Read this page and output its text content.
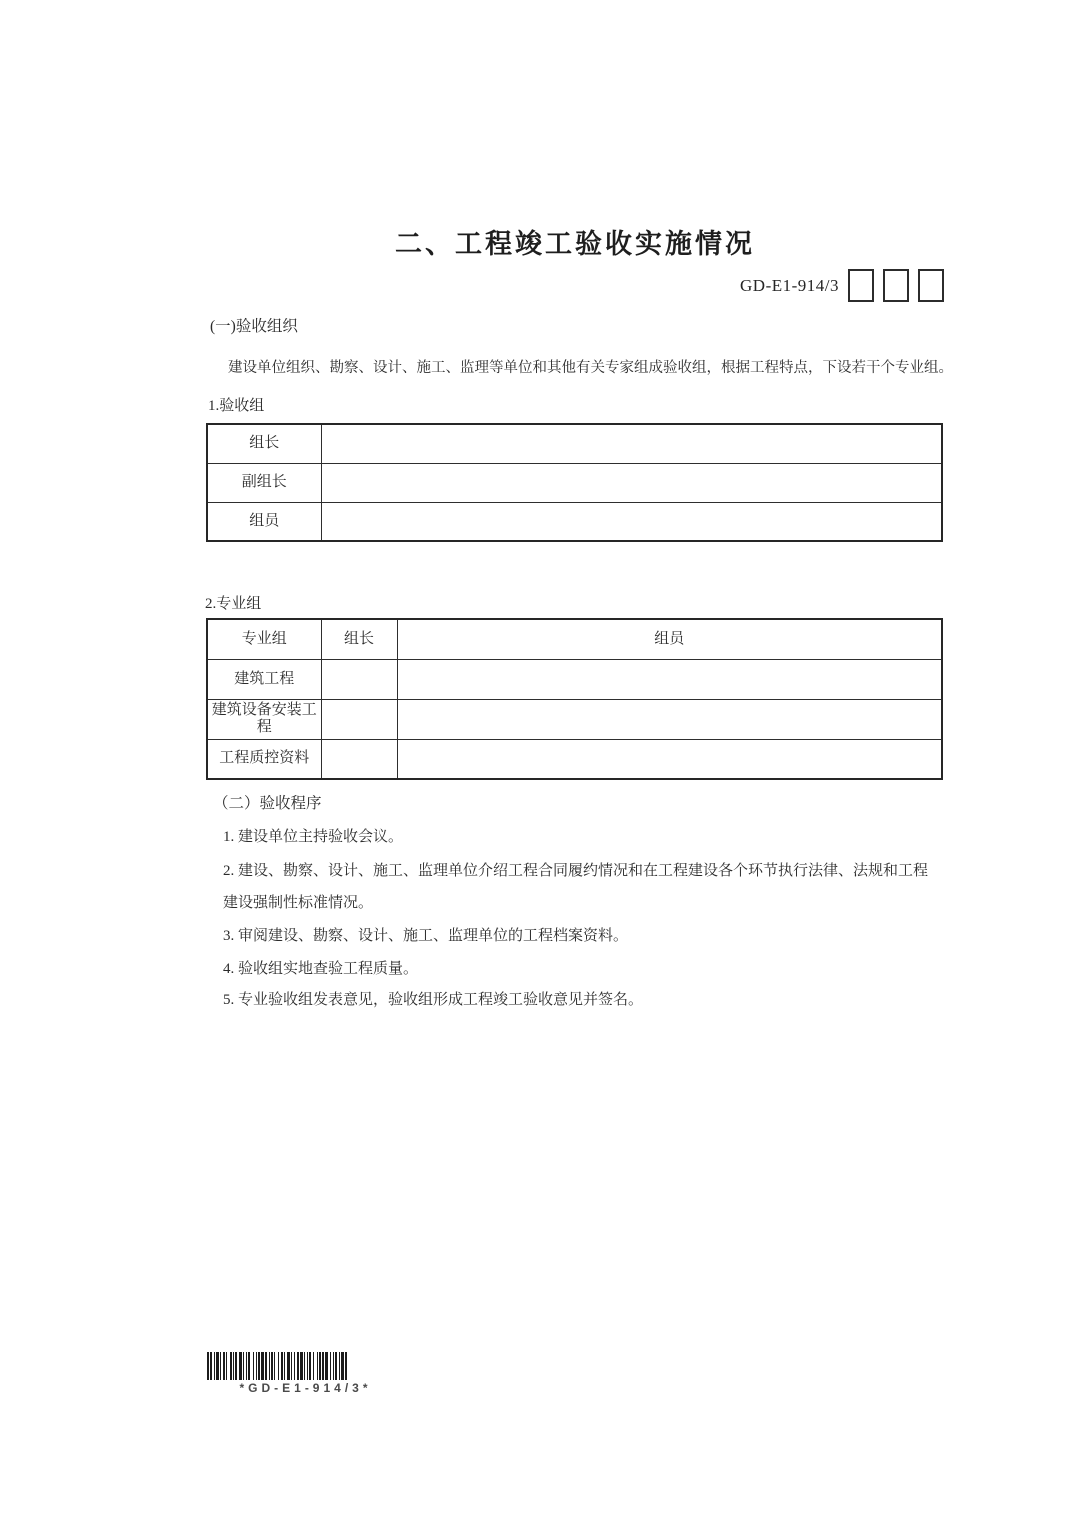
二、工程竣工验收实施情况
GD-E1-914/3
(一)验收组织
建设单位组织、勘察、设计、施工、监理等单位和其他有关专家组成验收组，根据工程特点，下设若干个专业组。
1.验收组
组长	
副组长	
组员	
2.专业组
专业组	组长	组员
建筑工程		
建筑设备安装工程		
工程质控资料		
（二）验收程序
1. 建设单位主持验收会议。
2. 建设、勘察、设计、施工、监理单位介绍工程合同履约情况和在工程建设各个环节执行法律、法规和工程建设强制性标准情况。
3. 审阅建设、勘察、设计、施工、监理单位的工程档案资料。
4. 验收组实地查验工程质量。
5. 专业验收组发表意见，验收组形成工程竣工验收意见并签名。
*GD-E1-914/3*
